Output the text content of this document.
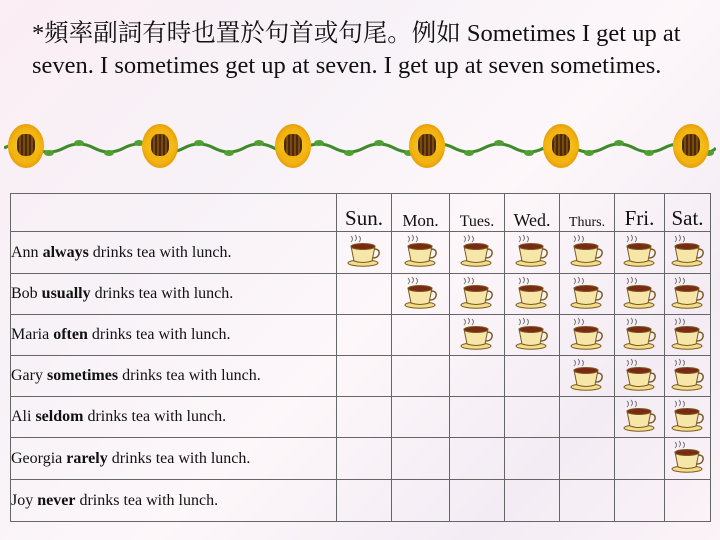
*頻率副詞有時也置於句首或句尾。例如 Sometimes I get up at seven. I sometimes get up at seven. I get up at seven sometimes.
	Sun.	Mon.	Tues.	Wed.	Thurs.	Fri.	Sat.
Ann always drinks tea with lunch.							
Bob usually drinks tea with lunch.							
Maria often drinks tea with lunch.							
Gary sometimes drinks tea with lunch.							
Ali seldom drinks tea with lunch.							
Georgia rarely drinks tea with lunch.							
Joy never drinks tea with lunch.							
